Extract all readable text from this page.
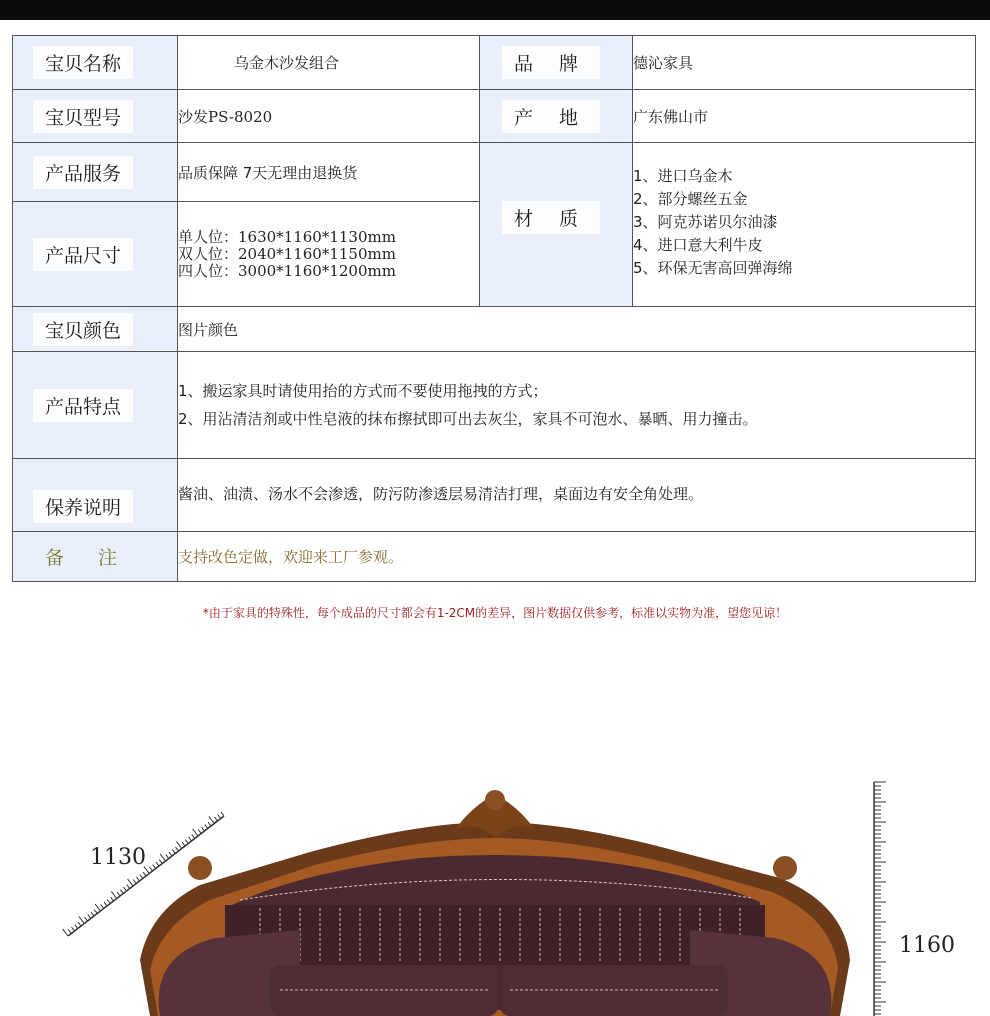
宝贝名称	乌金木沙发组合	品 牌	德沁家具
宝贝型号	沙发PS-8020	产 地	广东佛山市
产品服务	品质保障 7天无理由退换货	材 质	1、进口乌金木
2、部分螺丝五金
3、阿克苏诺贝尔油漆
4、进口意大利牛皮
5、环保无害高回弹海绵

产品尺寸	单人位：1630*1160*1130mm
双人位：2040*1160*1150mm
四人位：3000*1160*1200mm		

宝贝颜色	图片颜色		
产品特点	1、搬运家具时请使用抬的方式而不要使用拖拽的方式；
2、用沾清洁剂或中性皂液的抹布擦拭即可出去灰尘，家具不可泡水、暴晒、用力撞击。		

保养说明	酱油、油渍、汤水不会渗透，防污防渗透层易清洁打理，桌面边有安全角处理。		
备注	支持改色定做，欢迎来工厂参观。		
*由于家具的特殊性，每个成品的尺寸都会有1-2CM的差异，图片数据仅供参考，标准以实物为准，望您见谅！
1130
1160
